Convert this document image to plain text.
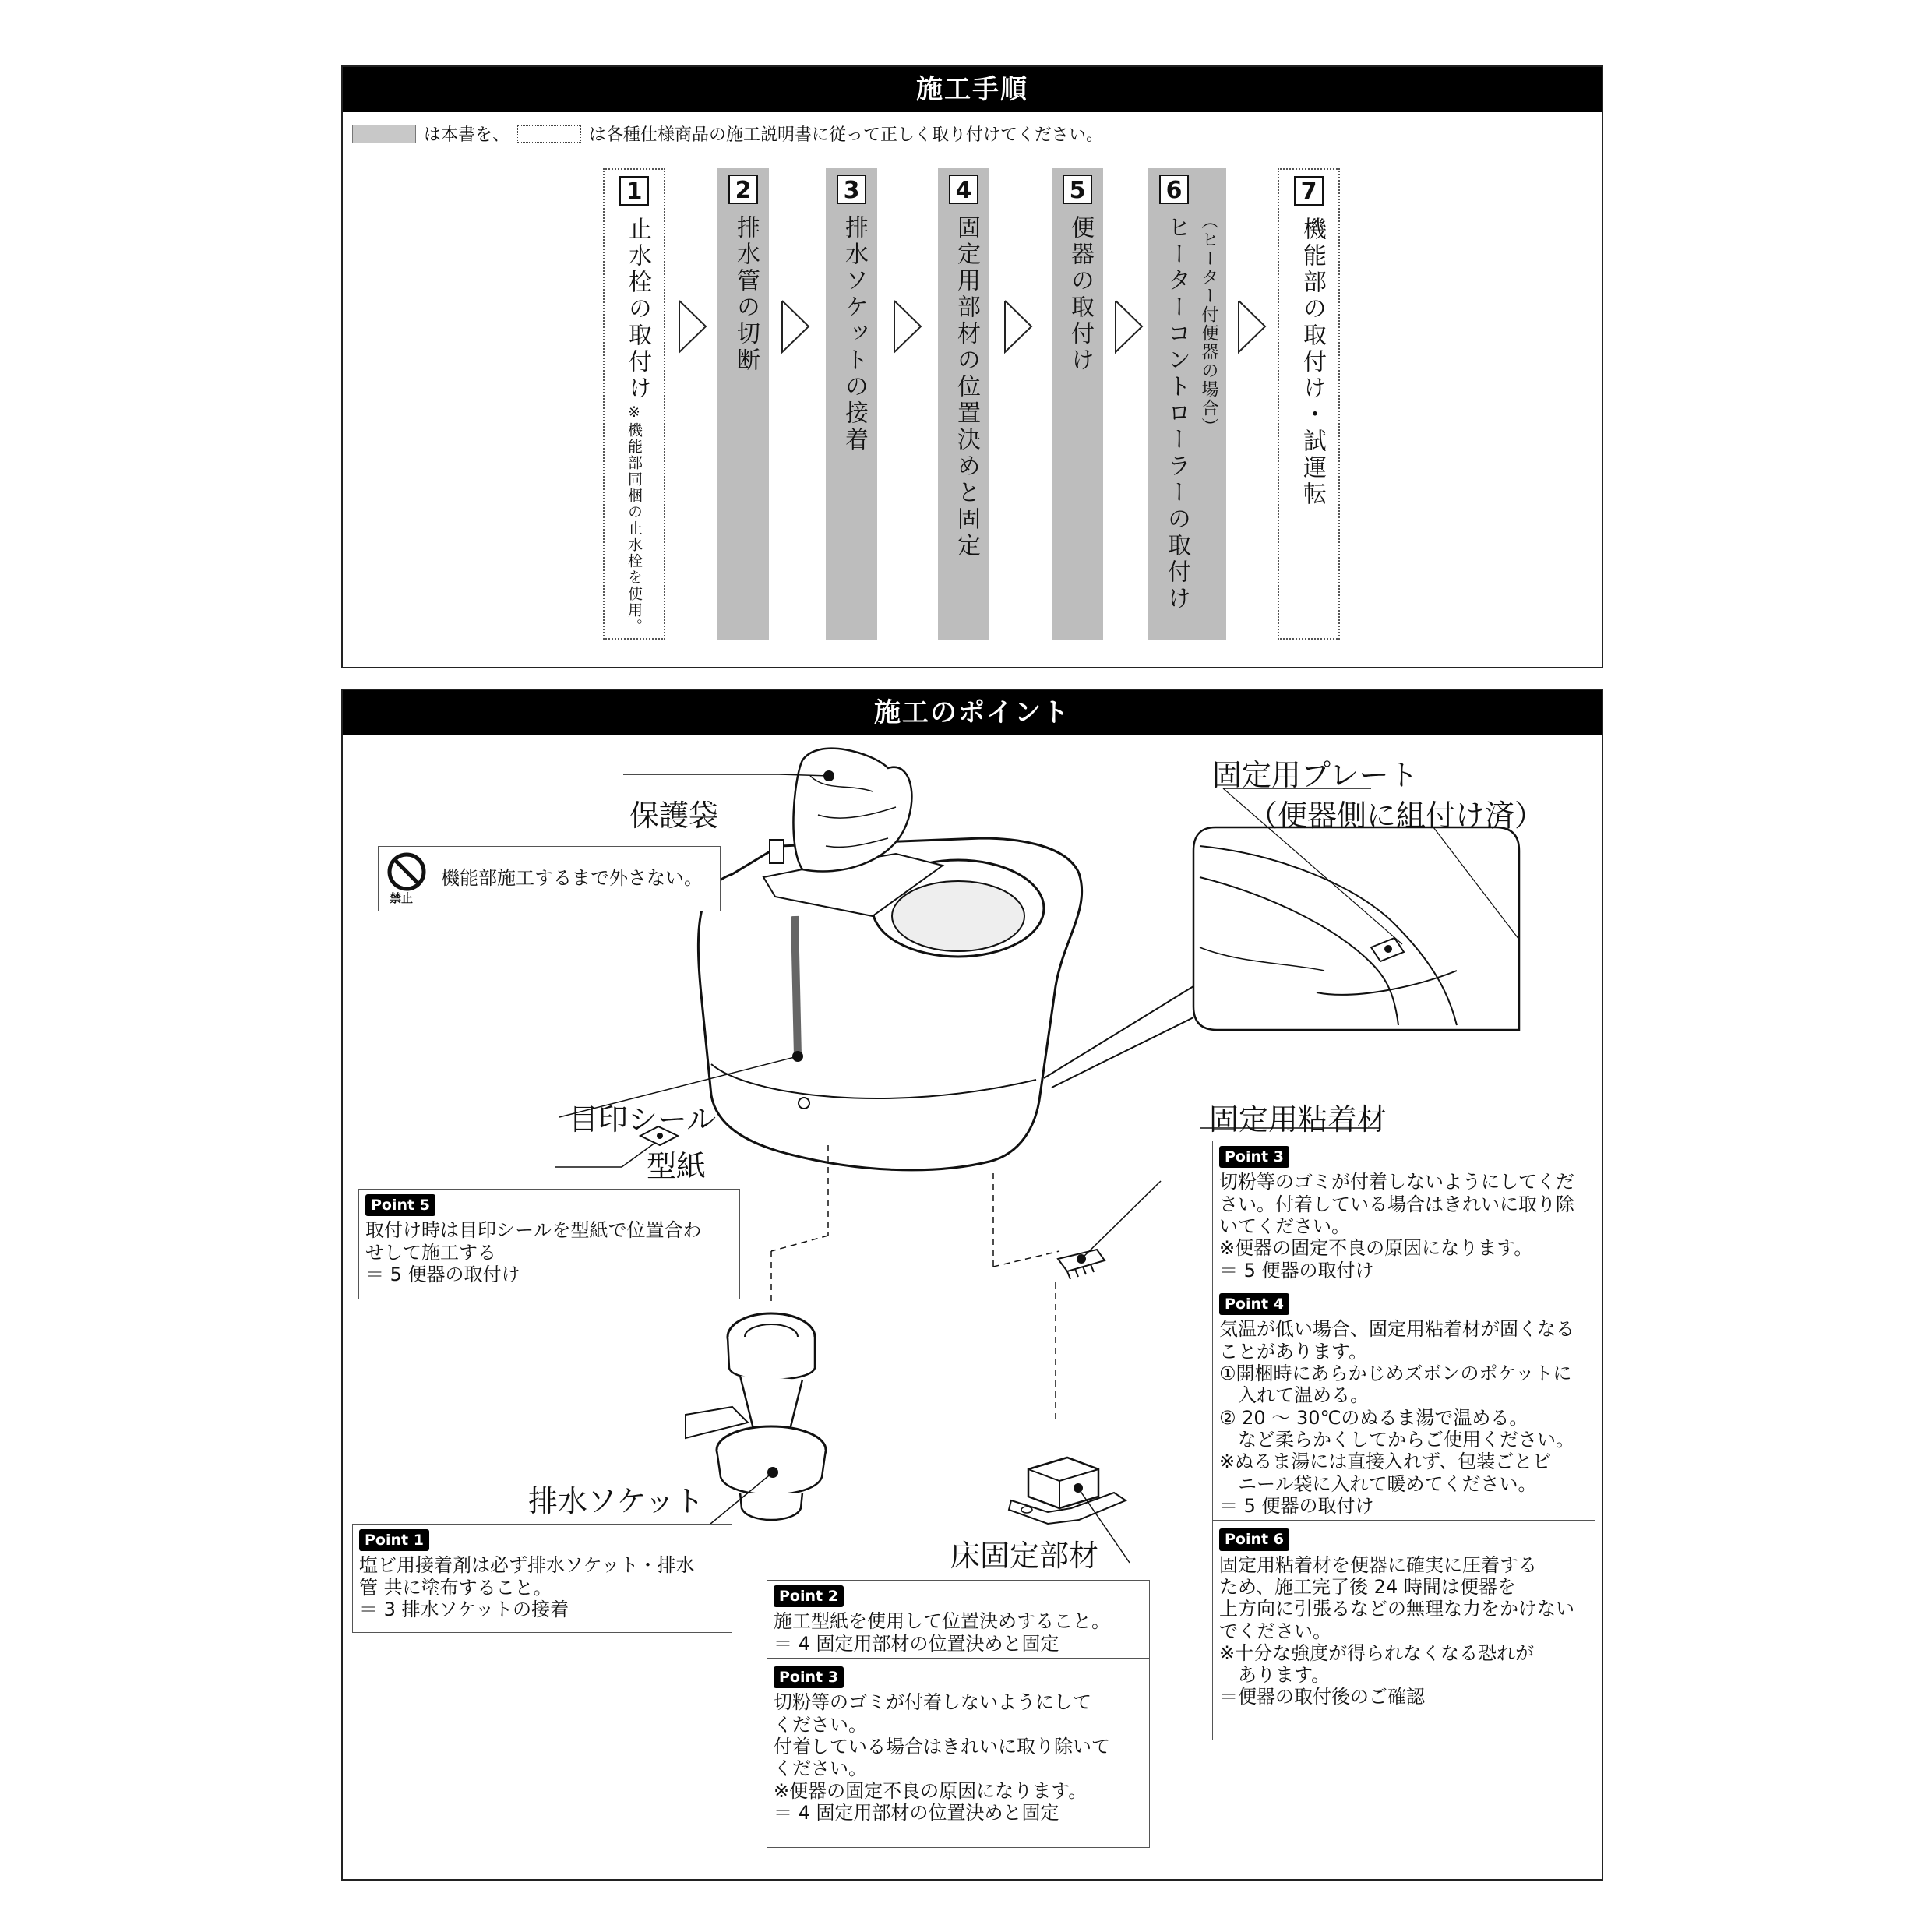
施工手順
は本書を、	は各種仕様商品の施工説明書に従って正しく取り付けてください。
1
止水栓の取付け
※機能部同梱の止水栓を使用。
2
排水管の切断
3
排水ソケットの接着
4
固定用部材の位置決めと固定
5
便器の取付け
6
（ヒーター付便器の場合）
ヒーターコントローラーの取付け
7
機能部の取付け・試運転
施工のポイント
保護袋
禁止
機能部施工するまで外さない。
固定用プレート
（便器側に組付け済）
目印シール
型紙
固定用粘着材
排水ソケット
床固定部材
Point 5
取付け時は目印シールを型紙で位置合わ
せして施工する
＝ 5 便器の取付け
Point 1
塩ビ用接着剤は必ず排水ソケット・排水
管 共に塗布すること。
＝ 3 排水ソケットの接着
Point 2
施工型紙を使用して位置決めすること。
＝ 4 固定用部材の位置決めと固定
Point 3
切粉等のゴミが付着しないようにして
ください。
付着している場合はきれいに取り除いて
ください。
※便器の固定不良の原因になります。
＝ 4 固定用部材の位置決めと固定
Point 3
切粉等のゴミが付着しないようにしてくだ
さい。付着している場合はきれいに取り除
いてください。
※便器の固定不良の原因になります。
＝ 5 便器の取付け
Point 4
気温が低い場合、固定用粘着材が固くなる
ことがあります。
①開梱時にあらかじめズボンのポケットに
　入れて温める。
② 20 ～ 30℃のぬるま湯で温める。
　など柔らかくしてからご使用ください。
※ぬるま湯には直接入れず、包装ごとビ
　ニール袋に入れて暖めてください。
＝ 5 便器の取付け
Point 6
固定用粘着材を便器に確実に圧着する
ため、施工完了後 24 時間は便器を
上方向に引張るなどの無理な力をかけない
でください。
※十分な強度が得られなくなる恐れが
　あります。
＝便器の取付後のご確認
